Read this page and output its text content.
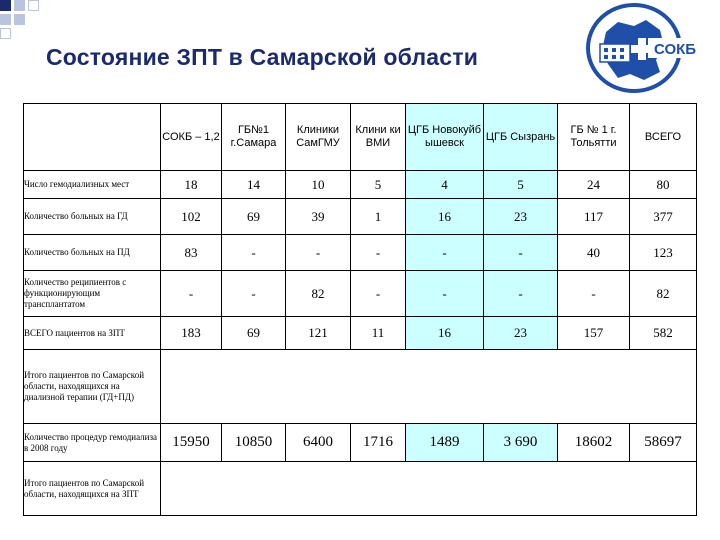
Состояние ЗПТ в Самарской области	СОКБ
	СОКБ – 1,2	ГБ№1 г.Самара	Клиники СамГМУ	Клини ки ВМИ	ЦГБ Новокуйб ышевск	ЦГБ Сызрань	ГБ № 1 г. Тольятти	ВСЕГО
Число гемодиализных мест	18	14	10	5	4	5	24	80
Количество больных на ГД	102	69	39	1	16	23	117	377
Количество больных на ПД	83	-	-	-	-	-	40	123
Количество реципиентов с функционирующим трансплантатом	-	-	82	-	-	-	-	82
ВСЕГО пациентов на ЗПТ	183	69	121	11	16	23	157	582
Итого пациентов по Самарской области, находящихся на диализной терапии (ГД+ПД)								
Количество процедур гемодиализа в 2008 году	15950	10850	6400	1716	1489	3 690	18602	58697
Итого пациентов по Самарской области, находящихся на ЗПТ								
